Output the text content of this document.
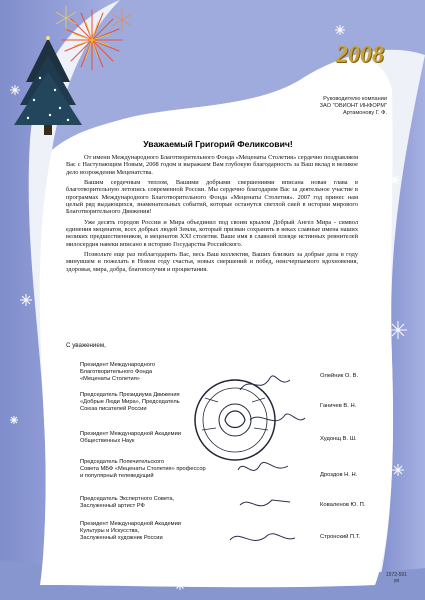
2008
Руководителю компании
ЗАО "ОВИОНТ ИНФОРМ"
Артамонову Г. Ф.
Уважаемый Григорий Феликсович!

От имени Международного Благотворительного Фонда «Меценаты Столетия» сердечно поздравляем Вас с Наступающим Новым, 2008 годом и выражаем Вам глубокую благодарность за Ваш вклад в великое дело возрождения Меценатства.

Вашим сердечным теплом, Вашими добрыми свершениями вписана новая глава в благотворительную летопись современной России. Мы сердечно благодарим Вас за деятельное участие в программах Международного Благотворительного Фонда «Меценаты Столетия». 2007 год принес нам целый ряд выдающихся, знаменательных событий, которые останутся светлой сией в истории мирового Благотворительного Движения!

Уже десять городов России и Мира объединил под своим крылом Добрый Ангел Мира - символ единения меценатов, всех добрых людей Земли, который призван сохранить в веках славные имена наших великих предшественников, и меценатов XXI столетия. Ваше имя в славной плеяде истинных ревнителей милосердия навеки вписано в историю Государства Российского.

Позвольте еще раз поблагодарить Вас, весь Ваш коллектив, Ваших близких за добрые дела в году минувшем и пожелать в Новом году счастья, новых свершений и побед, неисчерпаемого вдохновения, здоровья, мира, добра, благополучия и процветания.

С уважением,
Президент Международного
Благотворительного Фонда
«Меценаты Столетия»	Олейник О. В.
Председатель Президиума Движения
«Добрые Люди Мира», Председатель
Союза писателей России	Ганичев В. Н.
Президент Международной Академии
Общественных Наук	Худонщ В. Ш.
Председатель Попечительского
Совета МБФ «Меценаты Столетия» профессор
и популярный телеведущий	Дроздов Н. Н.
Председатель Экспертного Совета,
Заслуженный артист РФ	Коваленов Ю. П.
Президент Международной Академии
Культуры и Искусства,
Заслуженный художник России	Стронский П.Т.
1572-591
ув
